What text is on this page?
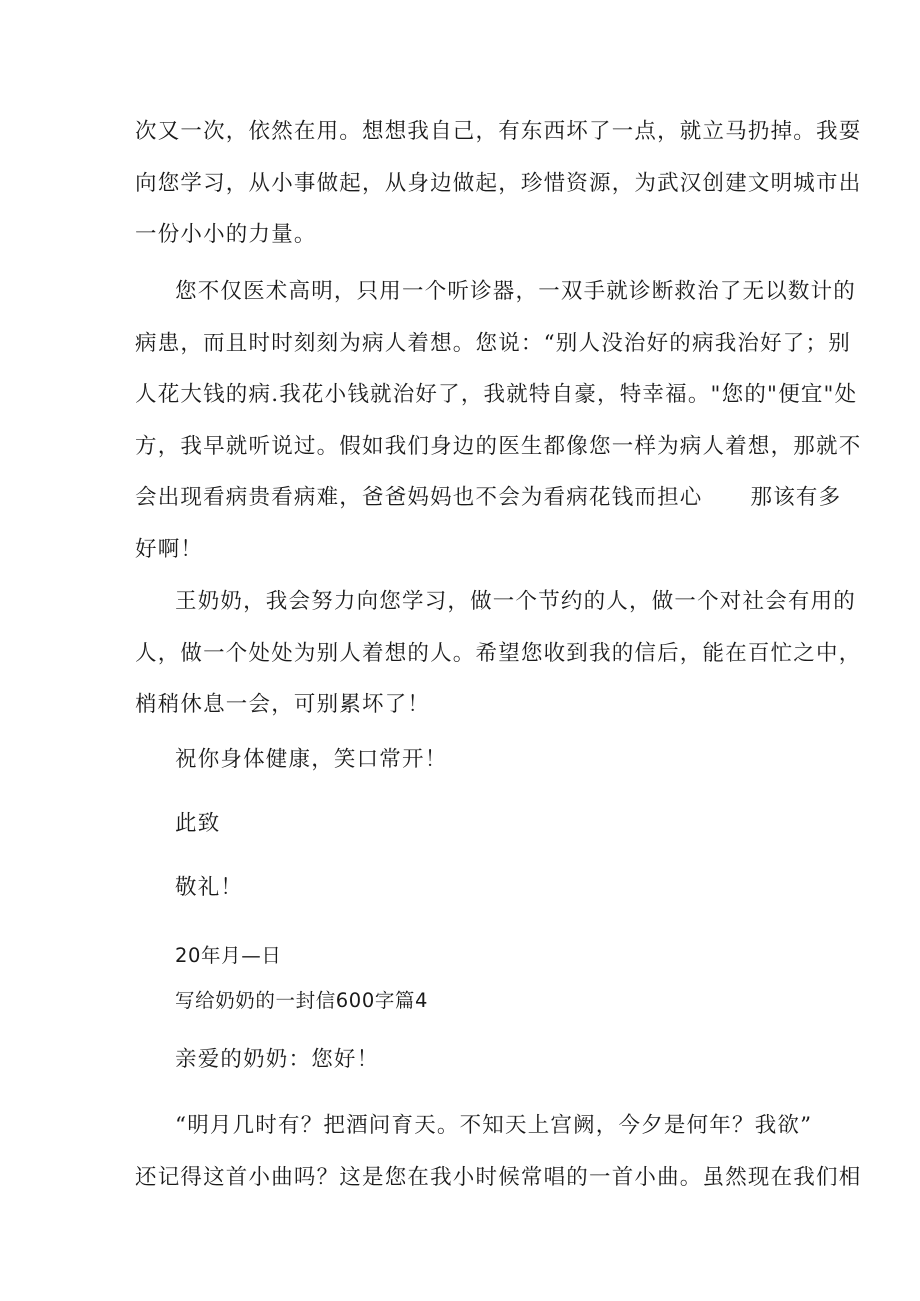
次又一次，依然在用。想想我自己，有东西坏了一点，就立马扔掉。我耍
向您学习，从小事做起，从身边做起，珍惜资源，为武汉创建文明城市出
一份小小的力量。
您不仅医术高明，只用一个听诊器，一双手就诊断救治了无以数计的
病患，而且时时刻刻为病人着想。您说：“别人没治好的病我治好了；别
人花大钱的病.我花小钱就治好了，我就特自豪，特幸福。"您的"便宜"处
方，我早就听说过。假如我们身边的医生都像您一样为病人着想，那就不
会出现看病贵看病难，爸爸妈妈也不会为看病花钱而担心 那该有多
好啊！
王奶奶，我会努力向您学习，做一个节约的人，做一个对社会有用的
人，做一个处处为别人着想的人。希望您收到我的信后，能在百忙之中，
梢稍休息一会，可别累坏了！

祝你身体健康，笑口常开！

此致

敬礼！

20年月—日

写给奶奶的一封信600字篇4

亲爱的奶奶：您好！

“明月几时有？把酒问育天。不知天上宫阙，今夕是何年？我欲”
还记得这首小曲吗？这是您在我小时候常唱的一首小曲。虽然现在我们相
